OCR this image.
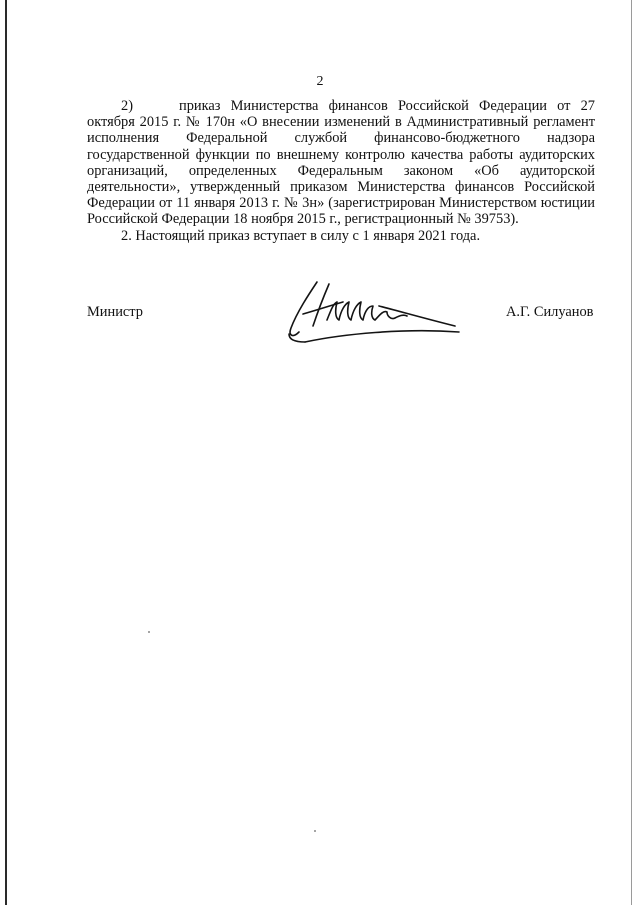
2

2)	приказ Министерства финансов Российской Федерации от 27 октября 2015 г. № 170н «О внесении изменений в Административный регламент исполнения Федеральной службой финансово-бюджетного надзора государственной функции по внешнему контролю качества работы аудиторских организаций, определенных Федеральным законом «Об аудиторской деятельности», утвержденный приказом Министерства финансов Российской Федерации от 11 января 2013 г. № 3н» (зарегистрирован Министерством юстиции Российской Федерации 18 ноября 2015 г., регистрационный № 39753).

2. Настоящий приказ вступает в силу с 1 января 2021 года.

Министр	А.Г. Силуанов
